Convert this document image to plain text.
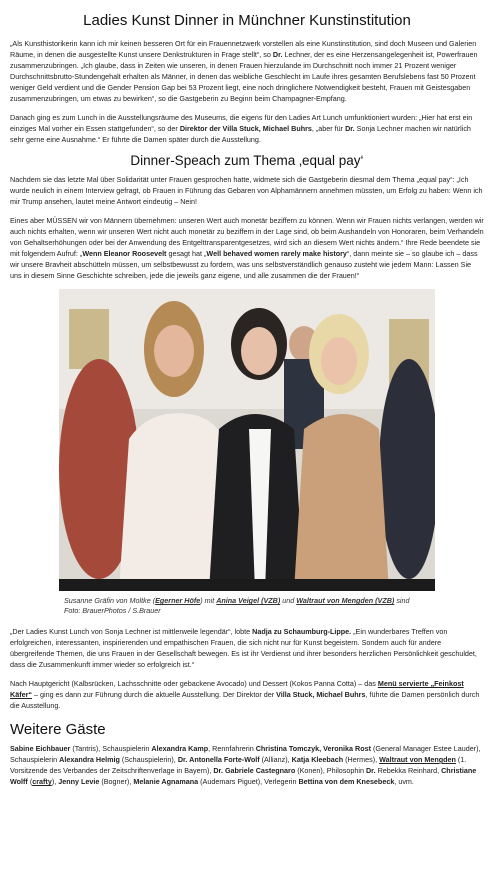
Ladies Kunst Dinner in Münchner Kunstinstitution

„Als Kunsthistorikerin kann ich mir keinen besseren Ort für ein Frauennetzwerk vorstellen als eine Kunstinstitution, sind doch Museen und Galerien Räume, in denen die ausgestellte Kunst unsere Denkstrukturen in Frage stellt“, so Dr. Lechner, der es eine Herzensangelegenheit ist, Powerfrauen zusammenzubringen. „Ich glaube, dass in Zeiten wie unseren, in denen Frauen hierzulande im Durchschnitt noch immer 21 Prozent weniger Durchschnittsbrutto-Stundengehalt erhalten als Männer, in denen das weibliche Geschlecht im Laufe ihres gesamten Berufslebens fast 50 Prozent weniger Geld verdient und die Gender Pension Gap bei 53 Prozent liegt, eine noch dringlichere Notwendigkeit besteht, Frauen mit Geistesgaben zusammenzubringen, um etwas zu bewirken“, so die Gastgeberin zu Beginn beim Champagner-Empfang.

Danach ging es zum Lunch in die Ausstellungsräume des Museums, die eigens für den Ladies Art Lunch umfunktioniert wurden: „Hier hat erst ein einziges Mal vorher ein Essen stattgefunden“, so der Direktor der Villa Stuck, Michael Buhrs, „aber für Dr. Sonja Lechner machen wir natürlich sehr gerne eine Ausnahme.“ Er führte die Damen später durch die Ausstellung.

Dinner-Speach zum Thema ‚equal pay‘

Nachdem sie das letzte Mal über Solidarität unter Frauen gesprochen hatte, widmete sich die Gastgeberin diesmal dem Thema „equal pay“: „Ich wurde neulich in einem Interview gefragt, ob Frauen in Führung das Gebaren von Alphamännern annehmen müssten, um Erfolg zu haben: Wenn ich mir Trump ansehen, lautet meine Antwort eindeutig – Nein!

Eines aber MÜSSEN wir von Männern übernehmen: unseren Wert auch monetär beziffern zu können. Wenn wir Frauen nichts verlangen, werden wir auch nichts erhalten, wenn wir unseren Wert nicht auch monetär zu beziffern in der Lage sind, ob beim Aushandeln von Honoraren, beim Verhandeln von Gehaltserhöhungen oder bei der Anwendung des Entgelttransparentgesetzes, wird sich an diesem Wert nichts ändern.“ Ihre Rede beendete sie mit folgendem Aufruf: „Wenn Eleanor Roosevelt gesagt hat „Well behaved women rarely make history“, dann meinte sie – so glaube ich – dass wir unsere Bravheit abschütteln müssen, um selbstbewusst zu fordern, was uns selbstverständlich genauso zusteht wie jedem Mann: Lassen Sie uns in diesem Sinne Geschichte schreiben, jede die jeweils ganz eigene, und alle zusammen die der Frauen!“

Susanne Gräfin von Moltke (Egerner Höfe) mit Anina Veigel (VZB) und Waltraut von Mengden (VZB) sind
Foto: BrauerPhotos / S.Brauer

„Der Ladies Kunst Lunch von Sonja Lechner ist mittlerweile legendär“, lobte Nadja zu Schaumburg-Lippe. „Ein wunderbares Treffen von erfolgreichen, interessanten, inspirierenden und empathischen Frauen, die sich nicht nur für Kunst begeistern. Sondern auch für andere übergreifende Themen, die uns Frauen in der Gesellschaft bewegen. Es ist ihr Verdienst und ihrer besonders herzlichen Persönlichkeit geschuldet, dass die Zusammenkunft immer wieder so erfolgreich ist.“

Nach Hauptgericht (Kalbsrücken, Lachsschnitte oder gebackene Avocado) und Dessert (Kokos Panna Cotta) – das Menü servierte „Feinkost Käfer“ – ging es dann zur Führung durch die aktuelle Ausstellung. Der Direktor der Villa Stuck, Michael Buhrs, führte die Damen persönlich durch die Ausstellung.

Weitere Gäste

Sabine Eichbauer (Tantris), Schauspielerin Alexandra Kamp, Rennfahrerin Christina Tomczyk, Veronika Rost (General Manager Estee Lauder), Schauspielerin Alexandra Helmig (Schauspielerin), Dr. Antonella Forte-Wolf (Allianz), Katja Kleebach (Hermes), Waltraut von Mengden (1. Vorsitzende des Verbandes der Zeitschriftenverlage in Bayern), Dr. Gabriele Castegnaro (Konen), Philosophin Dr. Rebekka Reinhard, Christiane Wolff (crafty), Jenny Levie (Bogner), Melanie Agnamana (Audemars Piguet), Verlegerin Bettina von dem Knesebeck, uvm.
